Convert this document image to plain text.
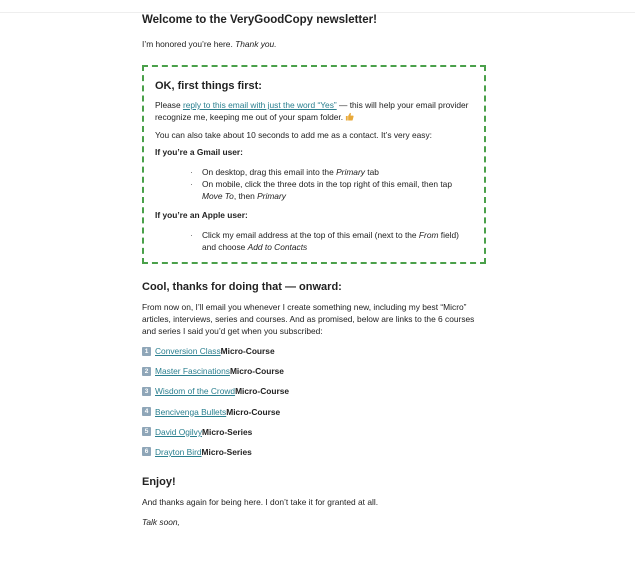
Welcome to the VeryGoodCopy newsletter!

I’m honored you’re here. Thank you.

OK, first things first:

Please reply to this email with just the word “Yes” — this will help your email provider recognize me, keeping me out of your spam folder.

You can also take about 10 seconds to add me as a contact. It’s very easy:

If you’re a Gmail user:

· On desktop, drag this email into the Primary tab
· On mobile, click the three dots in the top right of this email, then tap Move To, then Primary

If you’re an Apple user:

· Click my email address at the top of this email (next to the From field) and choose Add to Contacts

Cool, thanks for doing that — onward:

From now on, I’ll email you whenever I create something new, including my best “Micro” articles, interviews, series and courses. And as promised, below are links to the 6 courses and series I said you’d get when you subscribed:

1 Conversion Class Micro-Course
2 Master Fascinations Micro-Course
3 Wisdom of the Crowd Micro-Course
4 Bencivenga Bullets Micro-Course
5 David Ogilvy Micro-Series
6 Drayton Bird Micro-Series

Enjoy!

And thanks again for being here. I don’t take it for granted at all.

Talk soon,
